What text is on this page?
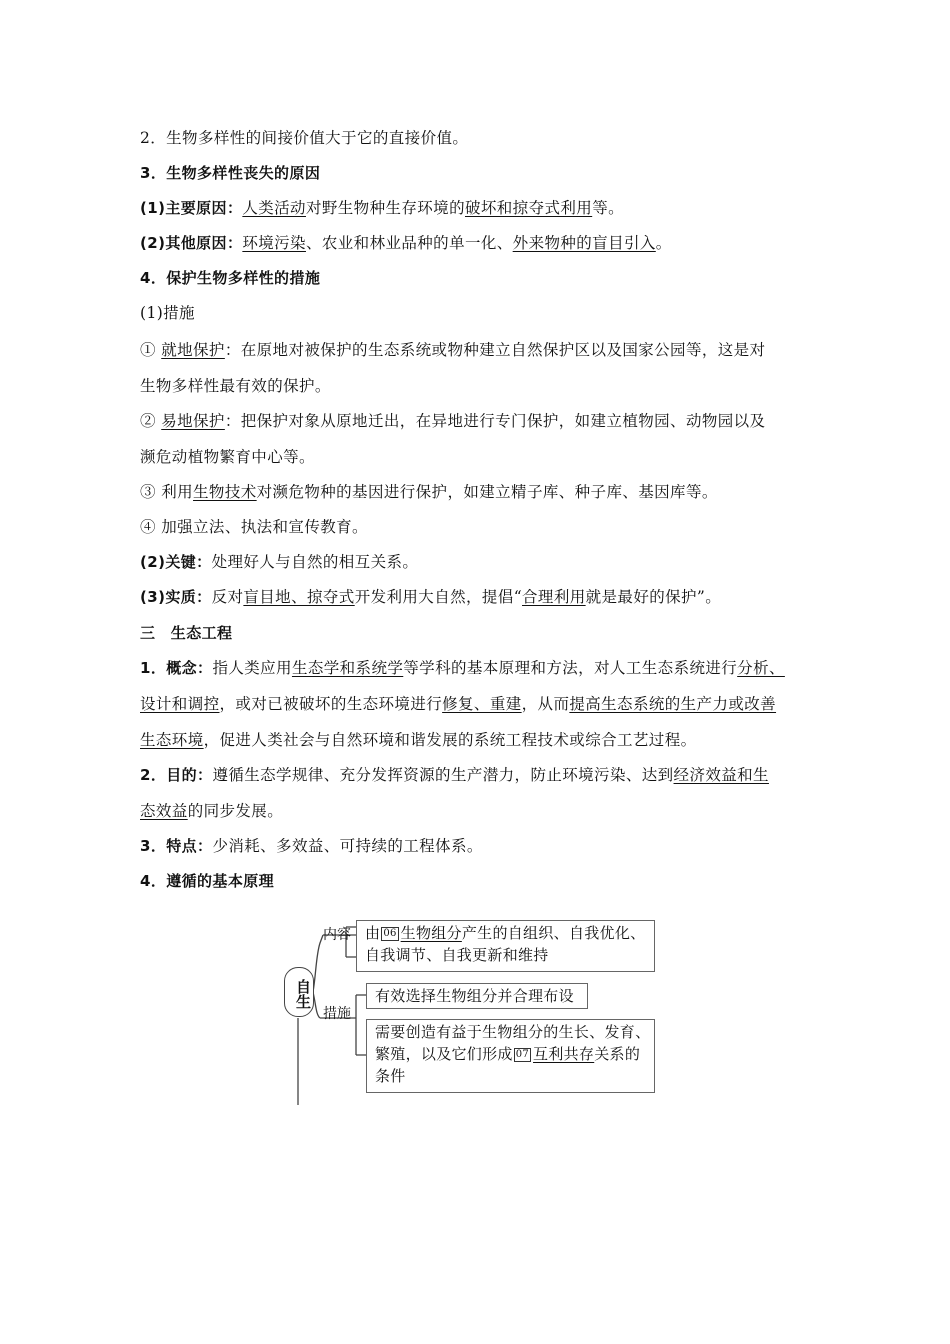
2．生物多样性的间接价值大于它的直接价值。
3．生物多样性丧失的原因
(1)主要原因：人类活动对野生物种生存环境的破坏和掠夺式利用等。
(2)其他原因：环境污染、农业和林业品种的单一化、外来物种的盲目引入。
4．保护生物多样性的措施
(1)措施
① 就地保护：在原地对被保护的生态系统或物种建立自然保护区以及国家公园等，这是对
生物多样性最有效的保护。
② 易地保护：把保护对象从原地迁出，在异地进行专门保护，如建立植物园、动物园以及
濒危动植物繁育中心等。
③ 利用生物技术对濒危物种的基因进行保护，如建立精子库、种子库、基因库等。
④ 加强立法、执法和宣传教育。
(2)关键：处理好人与自然的相互关系。
(3)实质：反对盲目地、掠夺式开发利用大自然，提倡“合理利用就是最好的保护”。
三　生态工程
1．概念：指人类应用生态学和系统学等学科的基本原理和方法，对人工生态系统进行分析、
设计和调控，或对已被破坏的生态环境进行修复、重建，从而提高生态系统的生产力或改善
生态环境，促进人类社会与自然环境和谐发展的系统工程技术或综合工艺过程。
2．目的：遵循生态学规律、充分发挥资源的生产潜力，防止环境污染、达到经济效益和生
态效益的同步发展。
3．特点：少消耗、多效益、可持续的工程体系。
4．遵循的基本原理
自生
内容
措施
由 06 生物组分产生的自组织、自我优化、
自我调节、自我更新和维持
有效选择生物组分并合理布设
需要创造有益于生物组分的生长、发育、
繁殖，以及它们形成 07 互利共存关系的
条件
